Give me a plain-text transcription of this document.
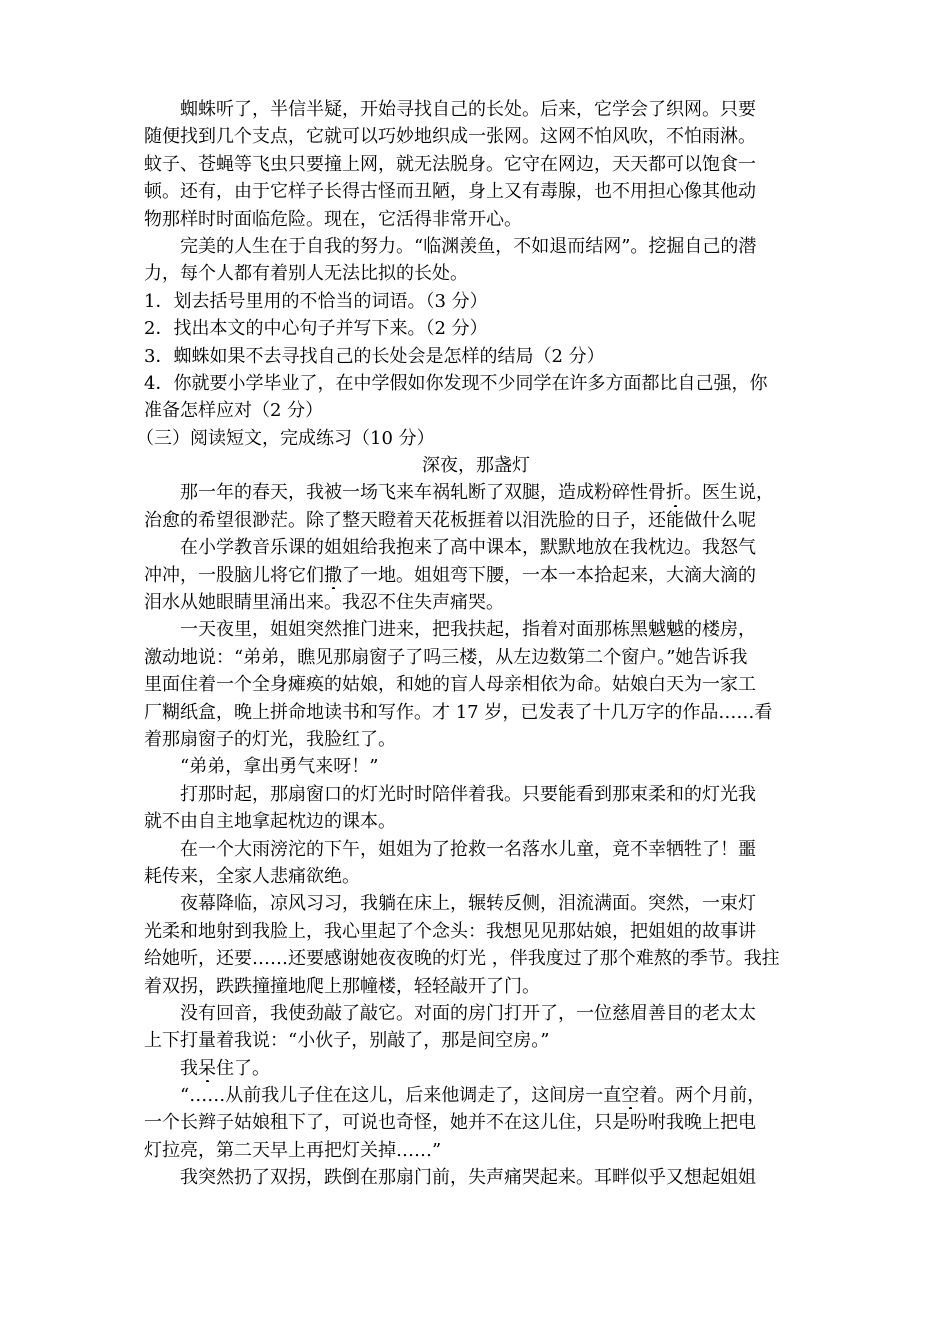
蜘蛛听了，半信半疑，开始寻找自己的长处。后来，它学会了织网。只要
随便找到几个支点，它就可以巧妙地织成一张网。这网不怕风吹，不怕雨淋。
蚊子、苍蝇等飞虫只要撞上网，就无法脱身。它守在网边，天天都可以饱食一
顿。还有，由于它样子长得古怪而丑陋，身上又有毒腺，也不用担心像其他动
物那样时时面临危险。现在，它活得非常开心。
完美的人生在于自我的努力。“临渊羡鱼，不如退而结网”。挖掘自己的潜
力，每个人都有着别人无法比拟的长处。
1．划去括号里用的不恰当的词语。（3 分）
2．找出本文的中心句子并写下来。（2 分）
3．蜘蛛如果不去寻找自己的长处会是怎样的结局（2 分）
4．你就要小学毕业了，在中学假如你发现不少同学在许多方面都比自己强，你
准备怎样应对（2 分）
（三）阅读短文，完成练习（10 分）
深夜，那盏灯
那一年的春天，我被一场飞来车祸轧断了双腿，造成粉碎性骨折。医生说，
治愈的希望很渺茫。除了整天瞪着天花板捱着以泪洗脸的日子，还能做什么呢
在小学教音乐课的姐姐给我抱来了高中课本，默默地放在我枕边。我怒气
冲冲，一股脑儿将它们撒了一地。姐姐弯下腰，一本一本拾起来，大滴大滴的
泪水从她眼睛里涌出来。我忍不住失声痛哭。
一天夜里，姐姐突然推门进来，把我扶起，指着对面那栋黑魆魆的楼房，
激动地说：“弟弟，瞧见那扇窗子了吗三楼，从左边数第二个窗户。”她告诉我
里面住着一个全身瘫痪的姑娘，和她的盲人母亲相依为命。姑娘白天为一家工
厂糊纸盒，晚上拼命地读书和写作。才 17 岁，已发表了十几万字的作品……看
着那扇窗子的灯光，我脸红了。
“弟弟，拿出勇气来呀！”
打那时起，那扇窗口的灯光时时陪伴着我。只要能看到那束柔和的灯光我
就不由自主地拿起枕边的课本。
在一个大雨滂沱的下午，姐姐为了抢救一名落水儿童，竟不幸牺牲了！噩
耗传来，全家人悲痛欲绝。
夜幕降临，凉风习习，我躺在床上，辗转反侧，泪流满面。突然，一束灯
光柔和地射到我脸上，我心里起了个念头：我想见见那姑娘，把姐姐的故事讲
给她听，还要……还要感谢她夜夜晚的灯光 ，伴我度过了那个难熬的季节。我拄
着双拐，跌跌撞撞地爬上那幢楼，轻轻敲开了门。
没有回音，我使劲敲了敲它。对面的房门打开了，一位慈眉善目的老太太
上下打量着我说：“小伙子，别敲了，那是间空房。”
我呆住了。
“……从前我儿子住在这儿，后来他调走了，这间房一直空着。两个月前，
一个长辫子姑娘租下了，可说也奇怪，她并不在这儿住，只是吩咐我晚上把电
灯拉亮，第二天早上再把灯关掉……”
我突然扔了双拐，跌倒在那扇门前，失声痛哭起来。耳畔似乎又想起姐姐
